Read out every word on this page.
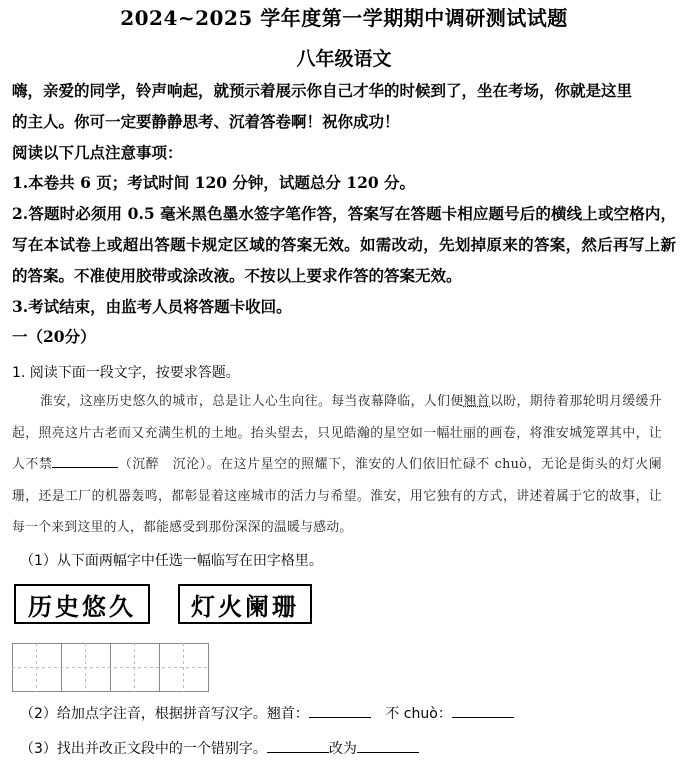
2024~2025 学年度第一学期期中调研测试试题
八年级语文

嗨，亲爱的同学，铃声响起，就预示着展示你自己才华的时候到了，坐在考场，你就是这里

的主人。你可一定要静静思考、沉着答卷啊！祝你成功！

阅读以下几点注意事项：

1.本卷共 6 页；考试时间 120 分钟，试题总分 120 分。

2.答题时必须用 0.5 毫米黑色墨水签字笔作答，答案写在答题卡相应题号后的横线上或空格内，写在本试卷上或超出答题卡规定区域的答案无效。如需改动，先划掉原来的答案，然后再写上新的答案。不准使用胶带或涂改液。不按以上要求作答的答案无效。

3.考试结束，由监考人员将答题卡收回。

一（20分）

1. 阅读下面一段文字，按要求答题。
淮安，这座历史悠久的城市，总是让人心生向往。每当夜幕降临，人们便翘首以盼，期待着那轮明月缓缓升起，照亮这片古老而又充满生机的土地。抬头望去，只见皓瀚的星空如一幅壮丽的画卷，将淮安城笼罩其中，让人不禁	（沉醉　沉沦）。在这片星空的照耀下，淮安的人们依旧忙碌不 chuò，无论是街头的灯火阑珊，还是工厂的机器轰鸣，都彰显着这座城市的活力与希望。淮安，用它独有的方式，讲述着属于它的故事，让每一个来到这里的人，都能感受到那份深深的温暖与感动。
（1）从下面两幅字中任选一幅临写在田字格里。
历史悠久	灯火阑珊
（2）给加点字注音，根据拼音写汉字。翘首：	不 chuò：
（3）找出并改正文段中的一个错别字。	改为
